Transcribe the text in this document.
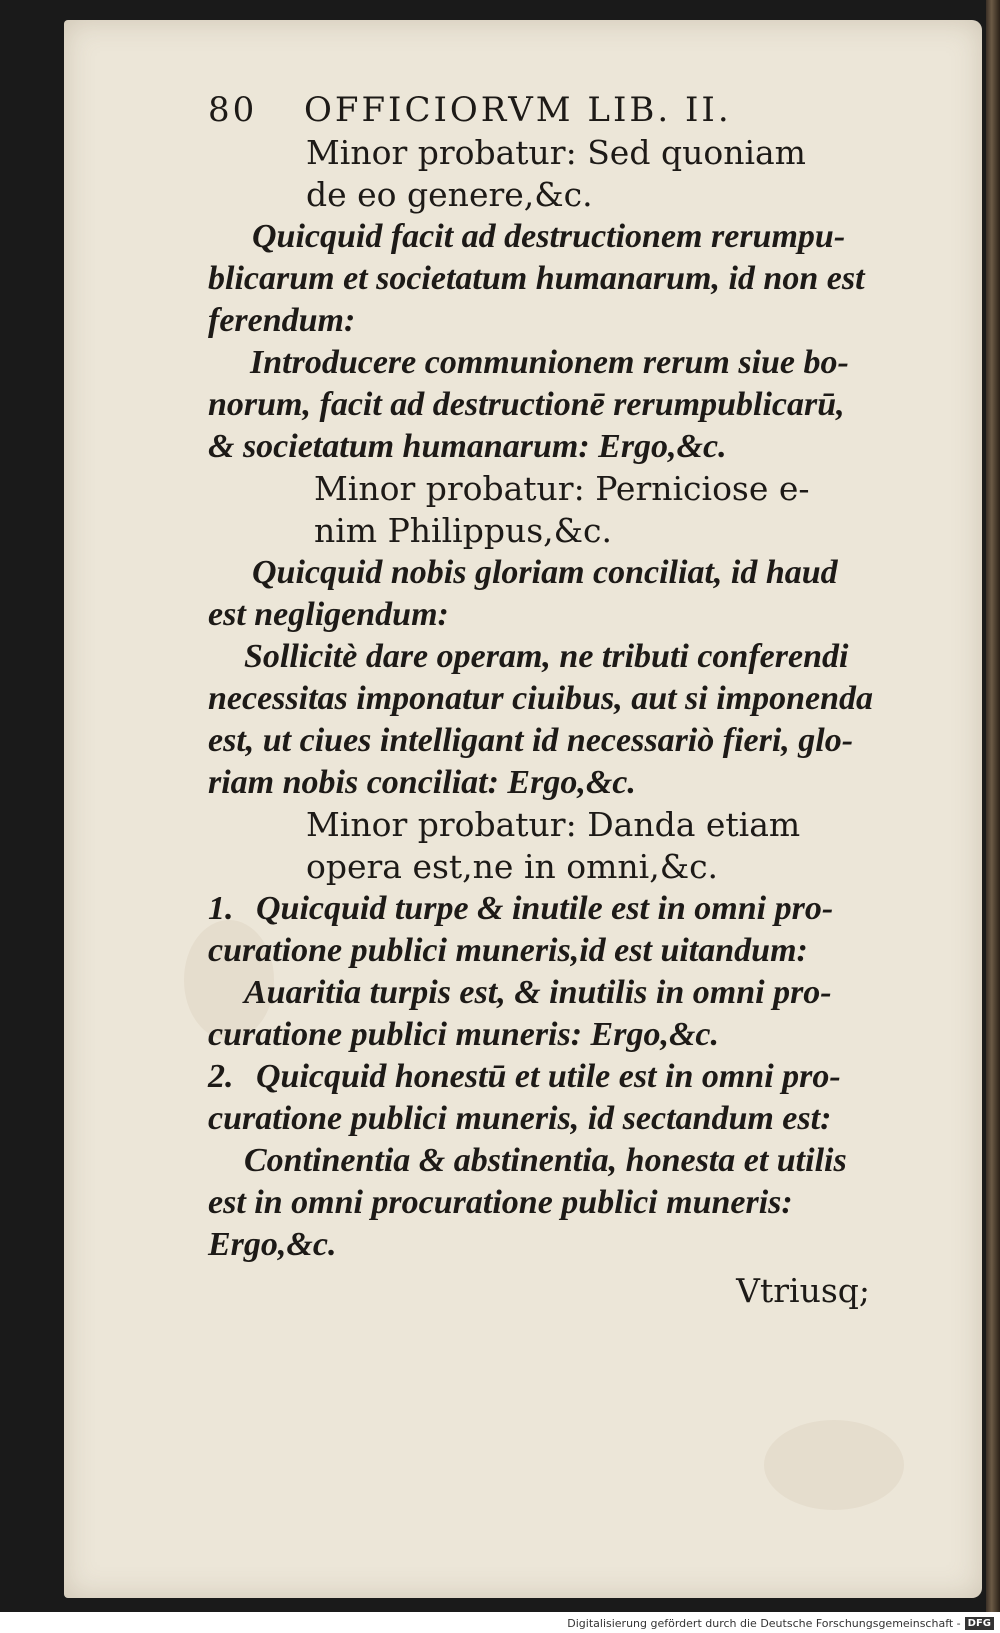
80 OFFICIORVM LIB. II.
Minor probatur: Sed quoniam
de eo genere,&c.
Quicquid facit ad destructionem rerumpu-
blicarum et societatum humanarum, id non est
ferendum:
Introducere communionem rerum siue bo-
norum, facit ad destructionē rerumpublicarū,
& societatum humanarum: Ergo,&c.
Minor probatur: Perniciose e-
nim Philippus,&c.
Quicquid nobis gloriam conciliat, id haud
est negligendum:
Sollicitè dare operam, ne tributi conferendi
necessitas imponatur ciuibus, aut si imponenda
est, ut ciues intelligant id necessariò fieri, glo-
riam nobis conciliat: Ergo,&c.
Minor probatur: Danda etiam
opera est,ne in omni,&c.
1. Quicquid turpe & inutile est in omni pro-
curatione publici muneris,id est uitandum:
Auaritia turpis est, & inutilis in omni pro-
curatione publici muneris: Ergo,&c.
2. Quicquid honestū et utile est in omni pro-
curatione publici muneris, id sectandum est:
Continentia & abstinentia, honesta et utilis
est in omni procuratione publici muneris:
Ergo,&c.
Vtriusq;
Digitalisierung gefördert durch die Deutsche Forschungsgemeinschaft - DFG
